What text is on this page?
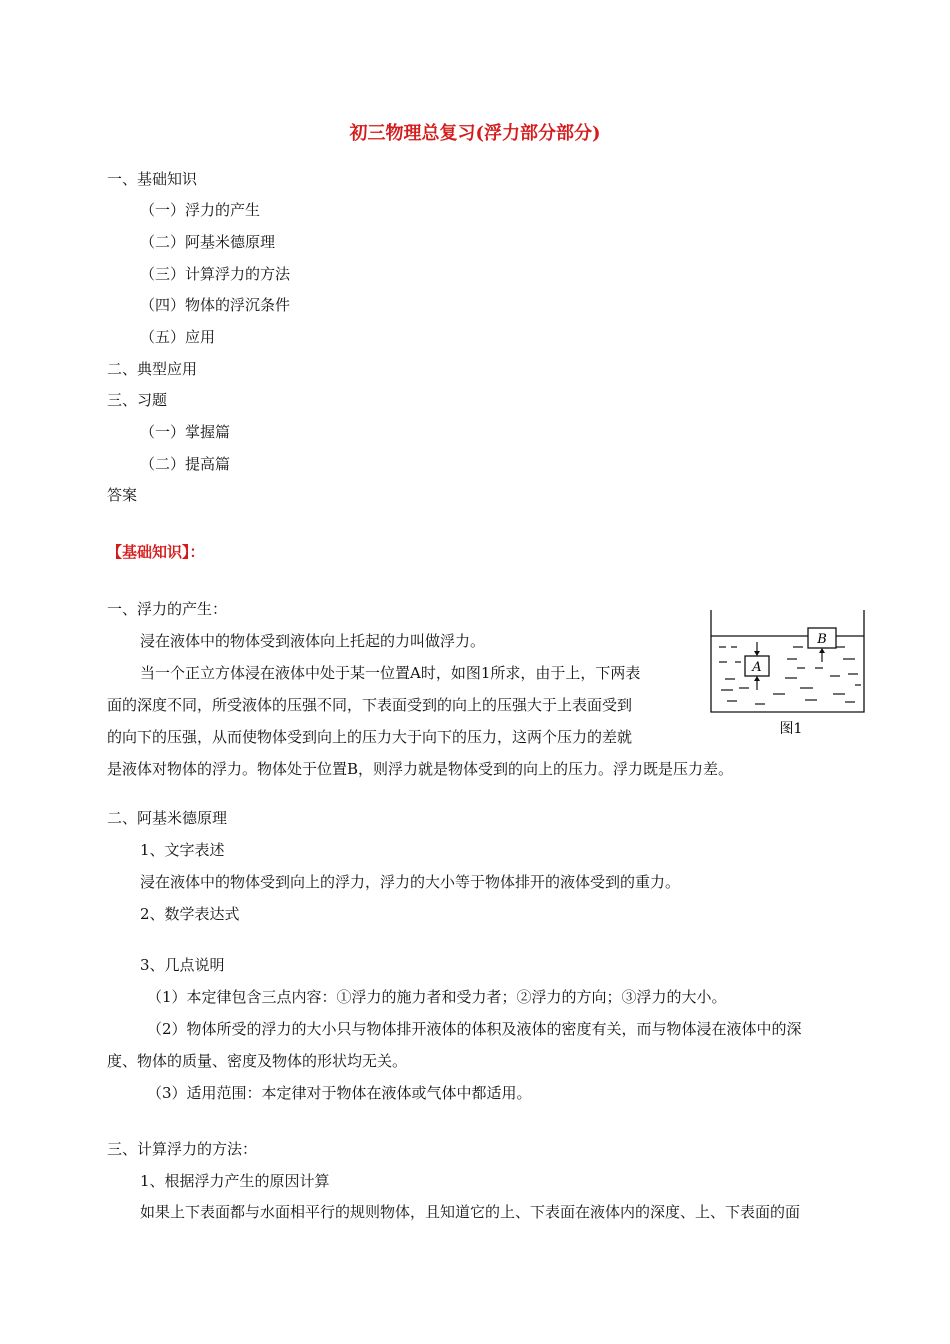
初三物理总复习(浮力部分部分)
一、基础知识
（一）浮力的产生
（二）阿基米德原理
（三）计算浮力的方法
（四）物体的浮沉条件
（五）应用
二、典型应用
三、习题
（一）掌握篇
（二）提高篇
答案
【基础知识】：
一、浮力的产生：
浸在液体中的物体受到液体向上托起的力叫做浮力。
当一个正立方体浸在液体中处于某一位置A时，如图1所求，由于上，下两表
面的深度不同，所受液体的压强不同，下表面受到的向上的压强大于上表面受到
的向下的压强，从而使物体受到向上的压力大于向下的压力，这两个压力的差就
是液体对物体的浮力。物体处于位置B，则浮力就是物体受到的向上的压力。浮力既是压力差。
A
B
图1
二、阿基米德原理
1、文字表述
浸在液体中的物体受到向上的浮力，浮力的大小等于物体排开的液体受到的重力。
2、数学表达式
3、几点说明
（1）本定律包含三点内容：①浮力的施力者和受力者；②浮力的方向；③浮力的大小。
（2）物体所受的浮力的大小只与物体排开液体的体积及液体的密度有关，而与物体浸在液体中的深
度、物体的质量、密度及物体的形状均无关。
（3）适用范围：本定律对于物体在液体或气体中都适用。
三、计算浮力的方法：
1、根据浮力产生的原因计算
如果上下表面都与水面相平行的规则物体，且知道它的上、下表面在液体内的深度、上、下表面的面
